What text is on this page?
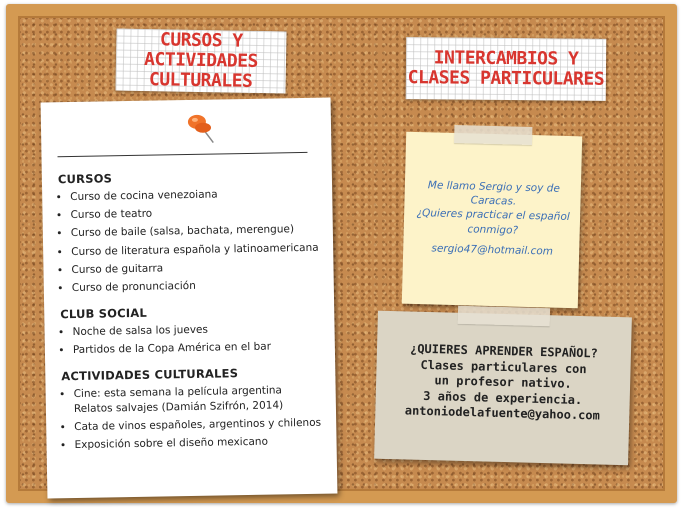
CURSOS Y ACTIVIDADES
CULTURALES
INTERCAMBIOS Y
CLASES PARTICULARES
CURSOS
• Curso de cocina venezoiana
• Curso de teatro
• Curso de baile (salsa, bachata, merengue)
• Curso de literatura española y latinoamericana
• Curso de guitarra
• Curso de pronunciación
CLUB SOCIAL
• Noche de salsa los jueves
• Partidos de la Copa América en el bar
ACTIVIDADES CULTURALES
• Cine: esta semana la película argentina Relatos salvajes (Damián Szifrón, 2014)
• Cata de vinos españoles, argentinos y chilenos
• Exposición sobre el diseño mexicano
Me llamo Sergio y soy de Caracas.
¿Quieres practicar el español
conmigo?
sergio47@hotmail.com
¿QUIERES APRENDER ESPAÑOL?
Clases particulares con
un profesor nativo.
3 años de experiencia.
antoniodelafuente@yahoo.com
